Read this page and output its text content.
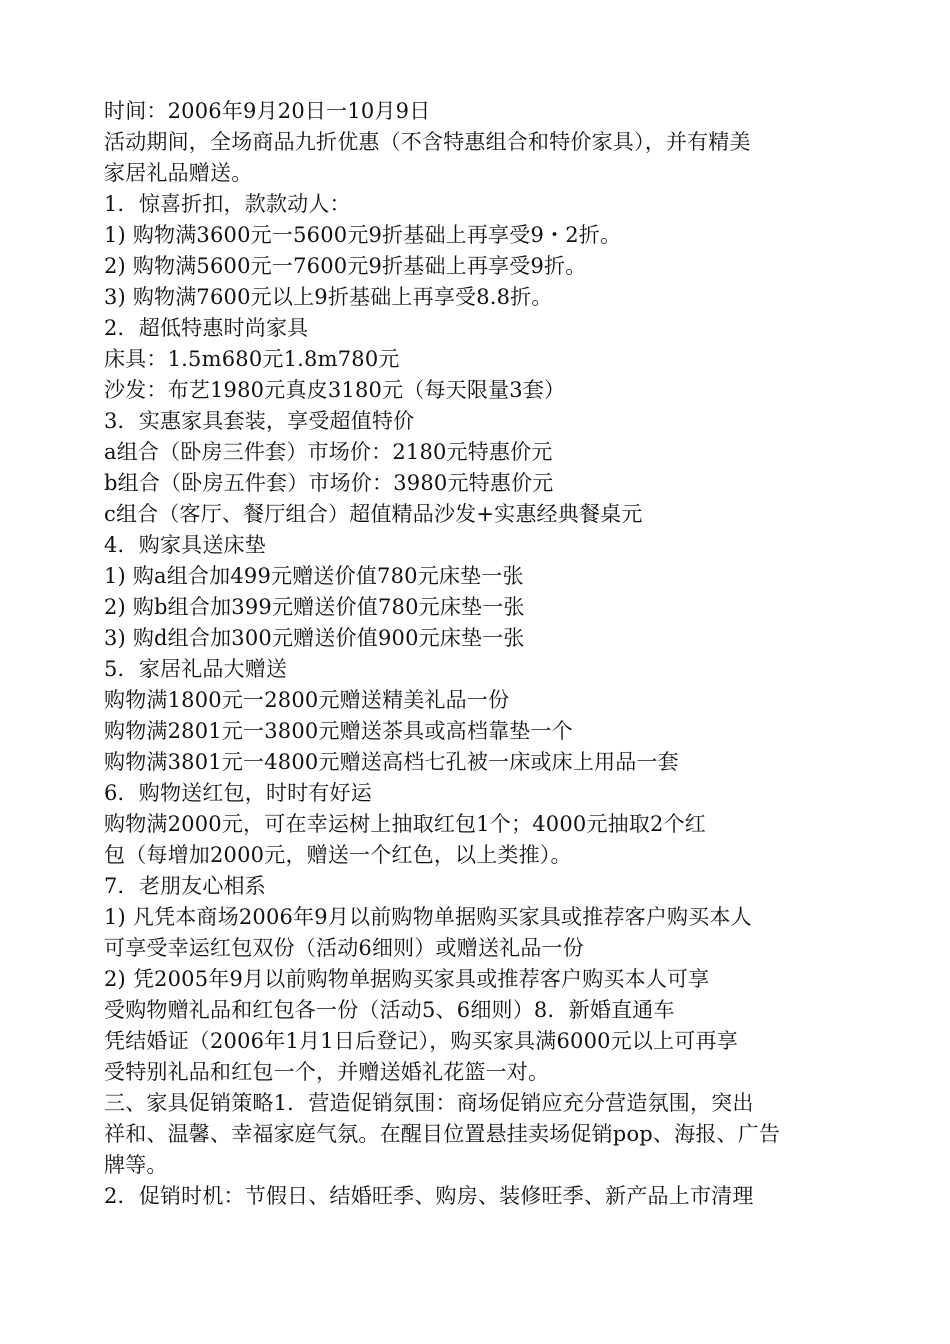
时间：2006年9月20日一10月9日
活动期间，全场商品九折优惠（不含特惠组合和特价家具），并有精美
家居礼品赠送。
1．惊喜折扣，款款动人：
1) 购物满3600元一5600元9折基础上再享受9・2折。
2) 购物满5600元一7600元9折基础上再享受9折。
3) 购物满7600元以上9折基础上再享受8.8折。
2．超低特惠时尚家具
床具：1.5m680元1.8m780元
沙发：布艺1980元真皮3180元（每天限量3套）
3．实惠家具套装，享受超值特价
a组合（卧房三件套）市场价：2180元特惠价元
b组合（卧房五件套）市场价：3980元特惠价元
c组合（客厅、餐厅组合）超值精品沙发+实惠经典餐桌元
4．购家具送床垫
1) 购a组合加499元赠送价值780元床垫一张
2) 购b组合加399元赠送价值780元床垫一张
3) 购d组合加300元赠送价值900元床垫一张
5．家居礼品大赠送
购物满1800元一2800元赠送精美礼品一份
购物满2801元一3800元赠送茶具或高档靠垫一个
购物满3801元一4800元赠送高档七孔被一床或床上用品一套
6．购物送红包，时时有好运
购物满2000元，可在幸运树上抽取红包1个；4000元抽取2个红
包（每增加2000元，赠送一个红色，以上类推）。
7．老朋友心相系
1) 凡凭本商场2006年9月以前购物单据购买家具或推荐客户购买本人
可享受幸运红包双份（活动6细则）或赠送礼品一份
2) 凭2005年9月以前购物单据购买家具或推荐客户购买本人可享
受购物赠礼品和红包各一份（活动5、6细则）8．新婚直通车
凭结婚证（2006年1月1日后登记），购买家具满6000元以上可再享
受特别礼品和红包一个，并赠送婚礼花篮一对。
三、家具促销策略1．营造促销氛围：商场促销应充分营造氛围，突出
祥和、温馨、幸福家庭气氛。在醒目位置悬挂卖场促销pop、海报、广告
牌等。
2．促销时机：节假日、结婚旺季、购房、装修旺季、新产品上市清理
